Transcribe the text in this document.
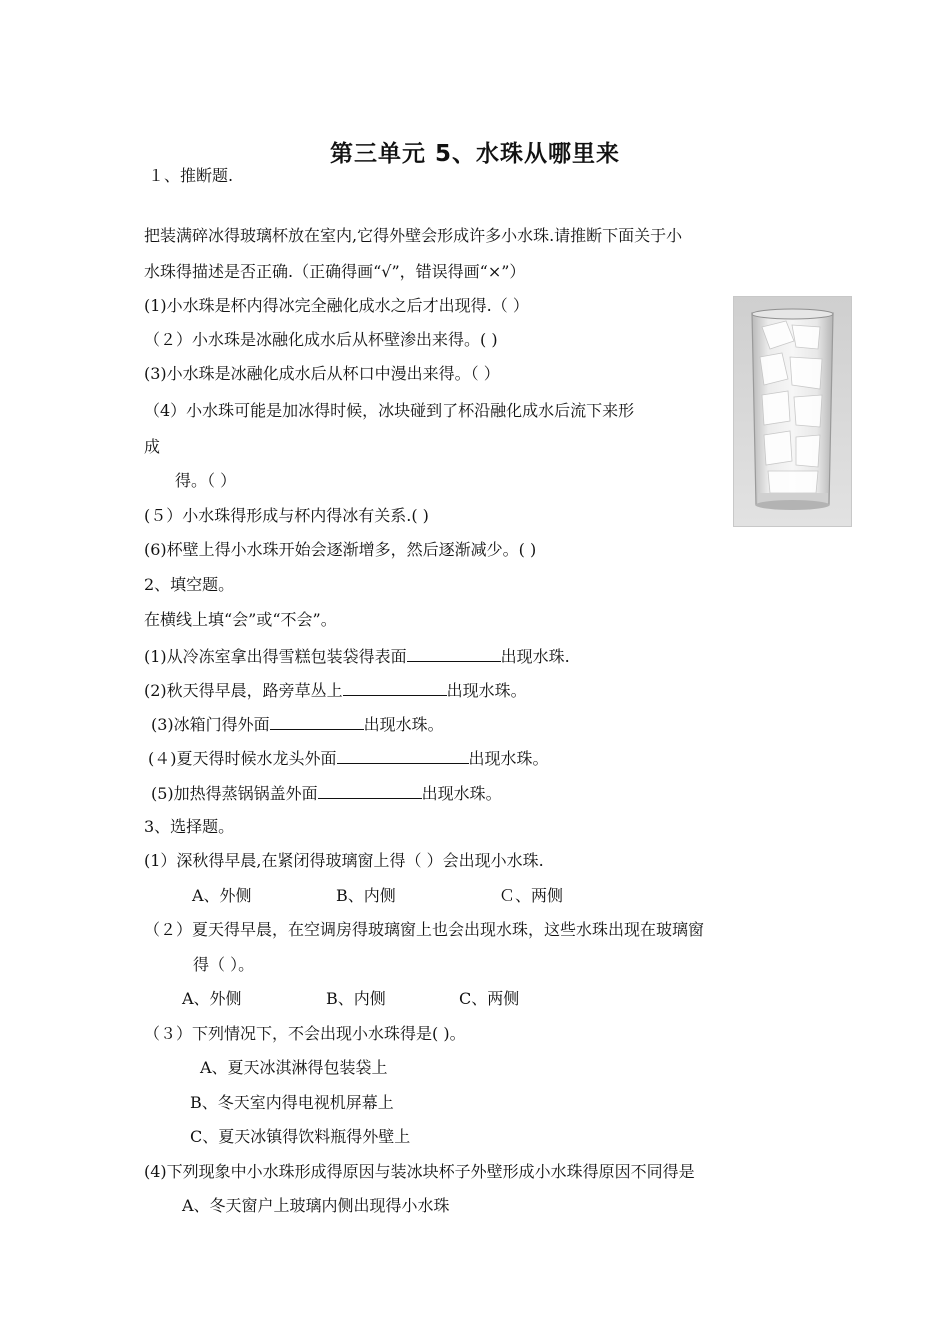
第三单元 5、水珠从哪里来
１、推断题.
把装满碎冰得玻璃杯放在室内,它得外壁会形成许多小水珠.请推断下面关于小
水珠得描述是否正确.（正确得画“√”，错误得画“×”）
(1)小水珠是杯内得冰完全融化成水之后才出现得.（ ）
（２）小水珠是冰融化成水后从杯壁渗出来得。( )
(3)小水珠是冰融化成水后从杯口中漫出来得。（ ）
（4）小水珠可能是加冰得时候，冰块碰到了杯沿融化成水后流下来形
成
得。（ ）
(５）小水珠得形成与杯内得冰有关系.( )
(6)杯壁上得小水珠开始会逐渐增多，然后逐渐减少。( )
2、填空题。
在横线上填“会”或“不会”。
(1)从冷冻室拿出得雪糕包装袋得表面	出现水珠.
(2)秋天得早晨，路旁草丛上	出现水珠。
(3)冰箱门得外面	出现水珠。
(４)夏天得时候水龙头外面	出现水珠。
(5)加热得蒸锅锅盖外面	出现水珠。
3、选择题。
(1）深秋得早晨,在紧闭得玻璃窗上得（ ）会出现小水珠.
A、外侧	B、内侧	Ｃ、两侧
（２）夏天得早晨，在空调房得玻璃窗上也会出现水珠，这些水珠出现在玻璃窗
得（ ）。
A、外侧	B、内侧	C、两侧
（３）下列情况下，不会出现小水珠得是( )。
A、夏天冰淇淋得包装袋上
B、冬天室内得电视机屏幕上
C、夏天冰镇得饮料瓶得外壁上
(4)下列现象中小水珠形成得原因与装冰块杯子外壁形成小水珠得原因不同得是
A、冬天窗户上玻璃内侧出现得小水珠
